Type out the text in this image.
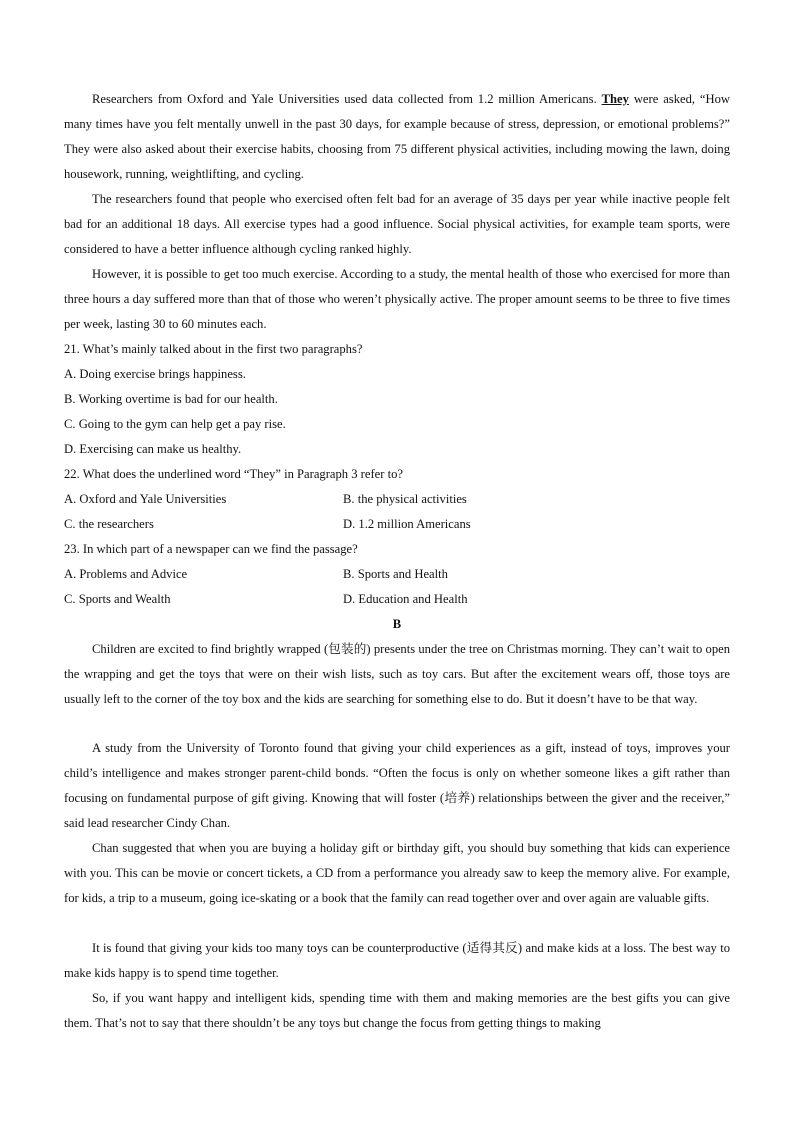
Researchers from Oxford and Yale Universities used data collected from 1.2 million Americans. They were asked, “How many times have you felt mentally unwell in the past 30 days, for example because of stress, depression, or emotional problems?” They were also asked about their exercise habits, choosing from 75 different physical activities, including mowing the lawn, doing housework, running, weightlifting, and cycling.

The researchers found that people who exercised often felt bad for an average of 35 days per year while inactive people felt bad for an additional 18 days. All exercise types had a good influence. Social physical activities, for example team sports, were considered to have a better influence although cycling ranked highly.

However, it is possible to get too much exercise. According to a study, the mental health of those who exercised for more than three hours a day suffered more than that of those who weren’t physically active. The proper amount seems to be three to five times per week, lasting 30 to 60 minutes each.

21. What’s mainly talked about in the first two paragraphs?

A. Doing exercise brings happiness.

B. Working overtime is bad for our health.

C. Going to the gym can help get a pay rise.

D. Exercising can make us healthy.

22. What does the underlined word “They” in Paragraph 3 refer to?

A. Oxford and Yale Universities	B. the physical activities

C. the researchers	D. 1.2 million Americans

23. In which part of a newspaper can we find the passage?

A. Problems and Advice	B. Sports and Health

C. Sports and Wealth	D. Education and Health
B

Children are excited to find brightly wrapped (包装的) presents under the tree on Christmas morning. They can’t wait to open the wrapping and get the toys that were on their wish lists, such as toy cars. But after the excitement wears off, those toys are usually left to the corner of the toy box and the kids are searching for something else to do. But it doesn’t have to be that way.

A study from the University of Toronto found that giving your child experiences as a gift, instead of toys, improves your child’s intelligence and makes stronger parent-child bonds. “Often the focus is only on whether someone likes a gift rather than focusing on fundamental purpose of gift giving. Knowing that will foster (培养) relationships between the giver and the receiver,” said lead researcher Cindy Chan.

Chan suggested that when you are buying a holiday gift or birthday gift, you should buy something that kids can experience with you. This can be movie or concert tickets, a CD from a performance you already saw to keep the memory alive. For example, for kids, a trip to a museum, going ice-skating or a book that the family can read together over and over again are valuable gifts.

It is found that giving your kids too many toys can be counterproductive (适得其反) and make kids at a loss. The best way to make kids happy is to spend time together.

So, if you want happy and intelligent kids, spending time with them and making memories are the best gifts you can give them. That’s not to say that there shouldn’t be any toys but change the focus from getting things to making
